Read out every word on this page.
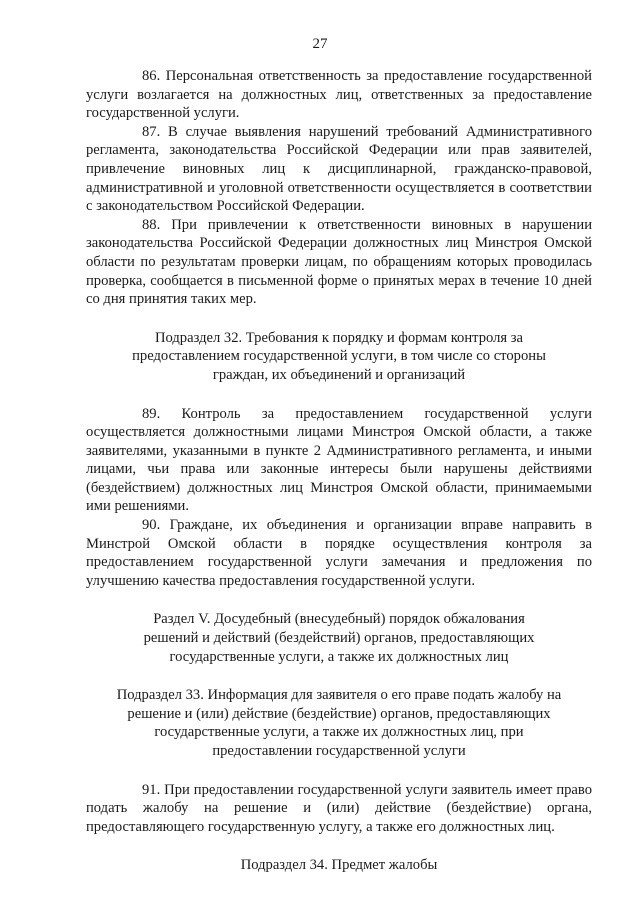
27

86. Персональная ответственность за предоставление государственной услуги возлагается на должностных лиц, ответственных за предоставление государственной услуги.

87. В случае выявления нарушений требований Административного регламента, законодательства Российской Федерации или прав заявителей, привлечение виновных лиц к дисциплинарной, гражданско-правовой, административной и уголовной ответственности осуществляется в соответствии с законодательством Российской Федерации.

88. При привлечении к ответственности виновных в нарушении законодательства Российской Федерации должностных лиц Минстроя Омской области по результатам проверки лицам, по обращениям которых проводилась проверка, сообщается в письменной форме о принятых мерах в течение 10 дней со дня принятия таких мер.

Подраздел 32. Требования к порядку и формам контроля за предоставлением государственной услуги, в том числе со стороны граждан, их объединений и организаций

89. Контроль за предоставлением государственной услуги осуществляется должностными лицами Минстроя Омской области, а также заявителями, указанными в пункте 2 Административного регламента, и иными лицами, чьи права или законные интересы были нарушены действиями (бездействием) должностных лиц Минстроя Омской области, принимаемыми ими решениями.

90. Граждане, их объединения и организации вправе направить в Минстрой Омской области в порядке осуществления контроля за предоставлением государственной услуги замечания и предложения по улучшению качества предоставления государственной услуги.

Раздел V. Досудебный (внесудебный) порядок обжалования решений и действий (бездействий) органов, предоставляющих государственные услуги, а также их должностных лиц

Подраздел 33. Информация для заявителя о его праве подать жалобу на решение и (или) действие (бездействие) органов, предоставляющих государственные услуги, а также их должностных лиц, при предоставлении государственной услуги

91. При предоставлении государственной услуги заявитель имеет право подать жалобу на решение и (или) действие (бездействие) органа, предоставляющего государственную услугу, а также его должностных лиц.

Подраздел 34. Предмет жалобы
